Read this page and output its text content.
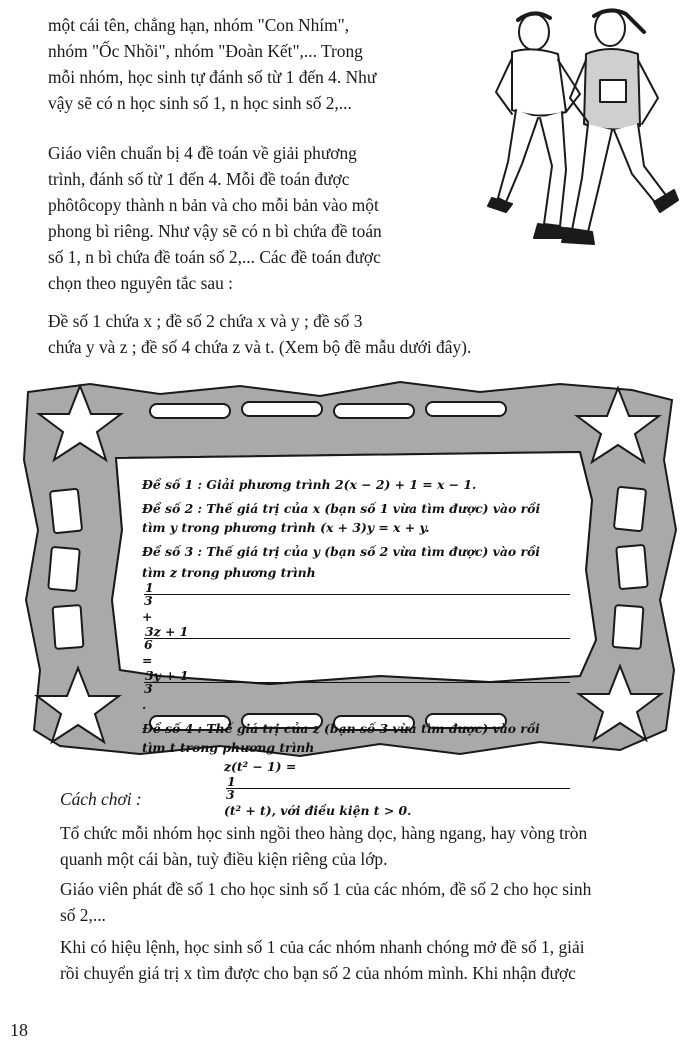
một cái tên, chẳng hạn, nhóm "Con Nhím",
nhóm "Ốc Nhồi", nhóm "Đoàn Kết",... Trong
mỗi nhóm, học sinh tự đánh số từ 1 đến 4. Như
vậy sẽ có n học sinh số 1, n học sinh số 2,...
Giáo viên chuẩn bị 4 đề toán về giải phương
trình, đánh số từ 1 đến 4. Mỗi đề toán được
phôtôcopy thành n bản và cho mỗi bản vào một
phong bì riêng. Như vậy sẽ có n bì chứa đề toán
số 1, n bì chứa đề toán số 2,... Các đề toán được
chọn theo nguyên tắc sau :
Đề số 1 chứa x ; đề số 2 chứa x và y ; đề số 3
chứa y và z ; đề số 4 chứa z và t. (Xem bộ đề mẫu dưới đây).
Đề số 1 : Giải phương trình 2(x − 2) + 1 = x − 1.
Đề số 2 : Thế giá trị của x (bạn số 1 vừa tìm được) vào rồi
tìm y trong phương trình (x + 3)y = x + y.
Đề số 3 : Thế giá trị của y (bạn số 2 vừa tìm được) vào rồi
tìm z trong phương trình
1
3
+
3z + 1
6
=
3y + 1
3
.
Đề số 4 : Thế giá trị của z (bạn số 3 vừa tìm được) vào rồi
tìm t trong phương trình
z(t² − 1) =
1
3
(t² + t), với điều kiện t > 0.
Cách chơi :
Tổ chức mỗi nhóm học sinh ngồi theo hàng dọc, hàng ngang, hay vòng tròn
quanh một cái bàn, tuỳ điều kiện riêng của lớp.
Giáo viên phát đề số 1 cho học sinh số 1 của các nhóm, đề số 2 cho học sinh
số 2,...
Khi có hiệu lệnh, học sinh số 1 của các nhóm nhanh chóng mở đề số 1, giải
rồi chuyển giá trị x tìm được cho bạn số 2 của nhóm mình. Khi nhận được
18
